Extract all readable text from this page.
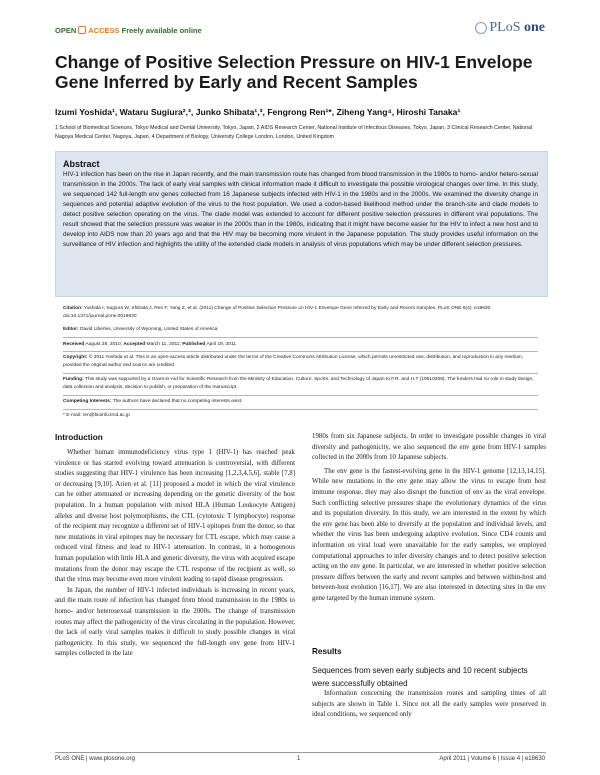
OPEN ACCESS Freely available online	PLoS one
Change of Positive Selection Pressure on HIV-1 Envelope Gene Inferred by Early and Recent Samples
Izumi Yoshida¹, Wataru Sugiura²,³, Junko Shibata¹,³, Fengrong Ren¹*, Ziheng Yang⁴, Hiroshi Tanaka¹
1 School of Biomedical Sciences, Tokyo Medical and Dental University, Tokyo, Japan, 2 AIDS Research Center, National Institute of Infectious Diseases, Tokyo, Japan, 3 Clinical Research Center, National Nagoya Medical Center, Nagoya, Japan, 4 Department of Biology, University College London, London, United Kingdom
Abstract
HIV-1 infection has been on the rise in Japan recently, and the main transmission route has changed from blood transmission in the 1980s to homo- and/or hetero-sexual transmission in the 2000s. The lack of early viral samples with clinical information made it difficult to investigate the possible virological changes over time. In this study, we sequenced 142 full-length env genes collected from 16 Japanese subjects infected with HIV-1 in the 1980s and in the 2000s. We examined the diversity change in sequences and potential adaptive evolution of the virus to the host population. We used a codon-based likelihood method under the branch-site and clade models to detect positive selection operating on the virus. The clade model was extended to account for different positive selection pressures in different viral populations. The result showed that the selection pressure was weaker in the 2000s than in the 1980s, indicating that it might have become easier for the HIV to infect a new host and to develop into AIDS now than 20 years ago and that the HIV may be becoming more virulent in the Japanese population. The study provides useful information on the surveillance of HIV infection and highlights the utility of the extended clade models in analysis of virus populations which may be under different selection pressures.
Citation: Yoshida I, Sugiura W, Shibata J, Ren F, Yang Z, et al. (2011) Change of Positive Selection Pressure on HIV-1 Envelope Gene Inferred by Early and Recent Samples. PLoS ONE 6(4): e18630. doi:10.1371/journal.pone.0018630
Editor: David Liberles, University of Wyoming, United States of America
Received August 28, 2010; Accepted March 11, 2011; Published April 19, 2011
Copyright: © 2011 Yoshida et al. This is an open-access article distributed under the terms of the Creative Commons Attribution License, which permits unrestricted use, distribution, and reproduction in any medium, provided the original author and source are credited.
Funding: This study was supported by a Grant-in-Aid for Scientific Research from the Ministry of Education, Culture, Sports, and Technology of Japan to F.R. and H.T (19510208). The funders had no role in study design, data collection and analysis, decision to publish, or preparation of the manuscript.
Competing Interests: The authors have declared that no competing interests exist.
* E-mail: ren@bioinfo.tmd.ac.jp
Introduction

Whether human immunodeficiency virus type 1 (HIV-1) has reached peak virulence or has started evolving toward attenuation is controversial, with different studies suggesting that HIV-1 virulence has been increasing [1,2,3,4,5,6], stable [7,8] or decreasing [9,10]. Arien et al. [11] proposed a model in which the viral virulence can be either attenuated or increasing depending on the genetic diversity of the host population. In a human population with mixed HLA (Human Leukocyte Antigen) alleles and diverse host polymorphisms, the CTL (cytotoxic T lymphocyte) response of the recipient may recognize a different set of HIV-1 epitopes from the donor, so that new mutations in viral epitopes may be necessary for CTL escape, which may cause a reduced viral fitness and lead to HIV-1 attenuation. In contrast, in a homogenous human population with little HLA and genetic diversity, the virus with acquired escape mutations from the donor may escape the CTL response of the recipient as well, so that the virus may become even more virulent leading to rapid disease progression.

In Japan, the number of HIV-1 infected individuals is increasing in recent years, and the main route of infection has changed from blood transmission in the 1980s to homo- and/or heterosexual transmission in the 2000s. The change of transmission routes may affect the pathogenicity of the virus circulating in the population. However, the lack of early viral samples makes it difficult to study possible changes in viral pathogenicity. In this study, we sequenced the full-length env gene from HIV-1 samples collected in the late

1980s from six Japanese subjects. In order to investigate possible changes in viral diversity and pathogenicity, we also sequenced the env gene from HIV-1 samples collected in the 2000s from 10 Japanese subjects.

The env gene is the fastest-evolving gene in the HIV-1 genome [12,13,14,15]. While new mutations in the env gene may allow the virus to escape from host immune response, they may also disrupt the function of env as the viral envelope. Such conflicting selective pressures shape the evolutionary dynamics of the virus and its population diversity. In this study, we are interested in the extent by which the env gene has been able to diversify at the population and individual levels, and whether the virus has been undergoing adaptive evolution. Since CD4 counts and information on viral load were unavailable for the early samples, we employed computational approaches to infer diversity changes and to detect positive selection acting on the env gene. In particular, we are interested in whether positive selection pressure differs between the early and recent samples and between within-host and between-host evolution [16,17]. We are also interested in detecting sites in the env gene targeted by the human immune system.

Results
Sequences from seven early subjects and 10 recent subjects were successfully obtained
Information concerning the transmission routes and sampling times of all subjects are shown in Table 1. Since not all the early samples were preserved in ideal conditions, we sequenced only
PLoS ONE | www.plosone.org	1	April 2011 | Volume 6 | Issue 4 | e18630
